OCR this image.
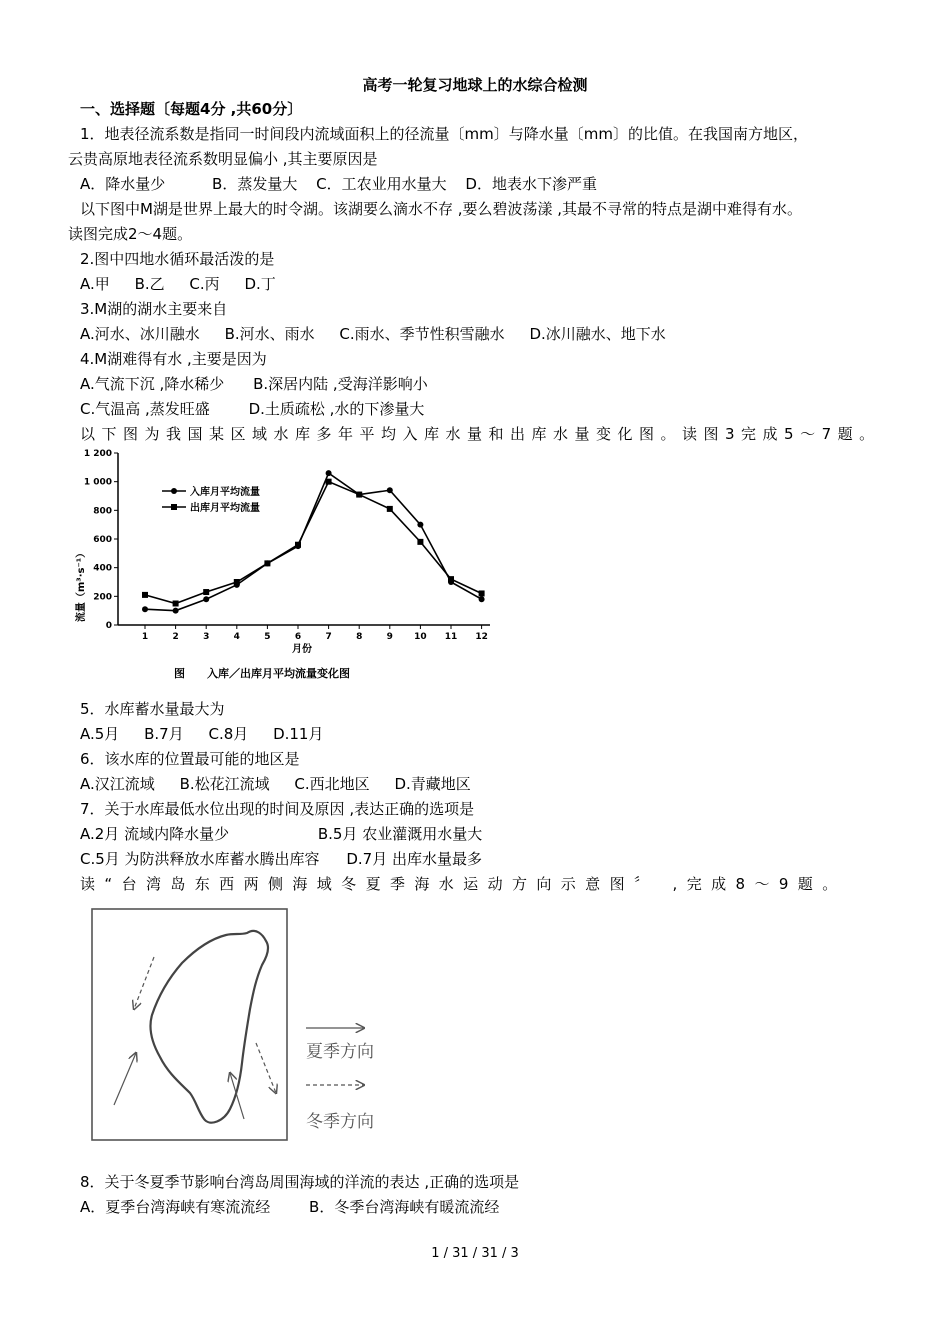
高考一轮复习地球上的水综合检测
一、选择题〔每题4分 ,共60分〕
1．地表径流系数是指同一时间段内流域面积上的径流量〔mm〕与降水量〔mm〕的比值。在我国南方地区，
云贵高原地表径流系数明显偏小 ,其主要原因是
A．降水量少	B．蒸发量大 C．工农业用水量大 D．地表水下渗严重
以下图中M湖是世界上最大的时令湖。该湖要么滴水不存 ,要么碧波荡漾 ,其最不寻常的特点是湖中难得有水。
读图完成2～4题。
2.图中四地水循环最活泼的是
A.甲 B.乙 C.丙 D.丁
3.M湖的湖水主要来自
A.河水、冰川融水 B.河水、雨水 C.雨水、季节性积雪融水 D.冰川融水、地下水
4.M湖难得有水 ,主要是因为
A.气流下沉 ,降水稀少 B.深居内陆 ,受海洋影响小
C.气温高 ,蒸发旺盛	D.土质疏松 ,水的下渗量大
以下图为我国某区域水库多年平均入库水量和出库水量变化图。读图3完成5～7题。
0
200
400
600
800
1 000
1 200
1	2	3	4	5	6	7	8	9 10 11 12
入库月平均流量
出库月平均流量
流量（m³·s⁻¹）
月份
图　　入库／出库月平均流量变化图
5．水库蓄水量最大为
A.5月 B.7月 C.8月 D.11月
6．该水库的位置最可能的地区是
A.汉江流域 B.松花江流域 C.西北地区 D.青藏地区
7．关于水库最低水位出现的时间及原因 ,表达正确的选项是
A.2月 流域内降水量少	B.5月 农业灌溉用水量大
C.5月 为防洪释放水库蓄水腾出库容 D.7月 出库水量最多
读“台湾岛东西两侧海域冬夏季海水运动方向示意图〞 ,完成8～9题。
夏季方向
冬季方向
8．关于冬夏季节影响台湾岛周围海域的洋流的表达 ,正确的选项是
A．夏季台湾海峡有寒流流经	B．冬季台湾海峡有暖流流经
1 / 31 / 31 / 3
